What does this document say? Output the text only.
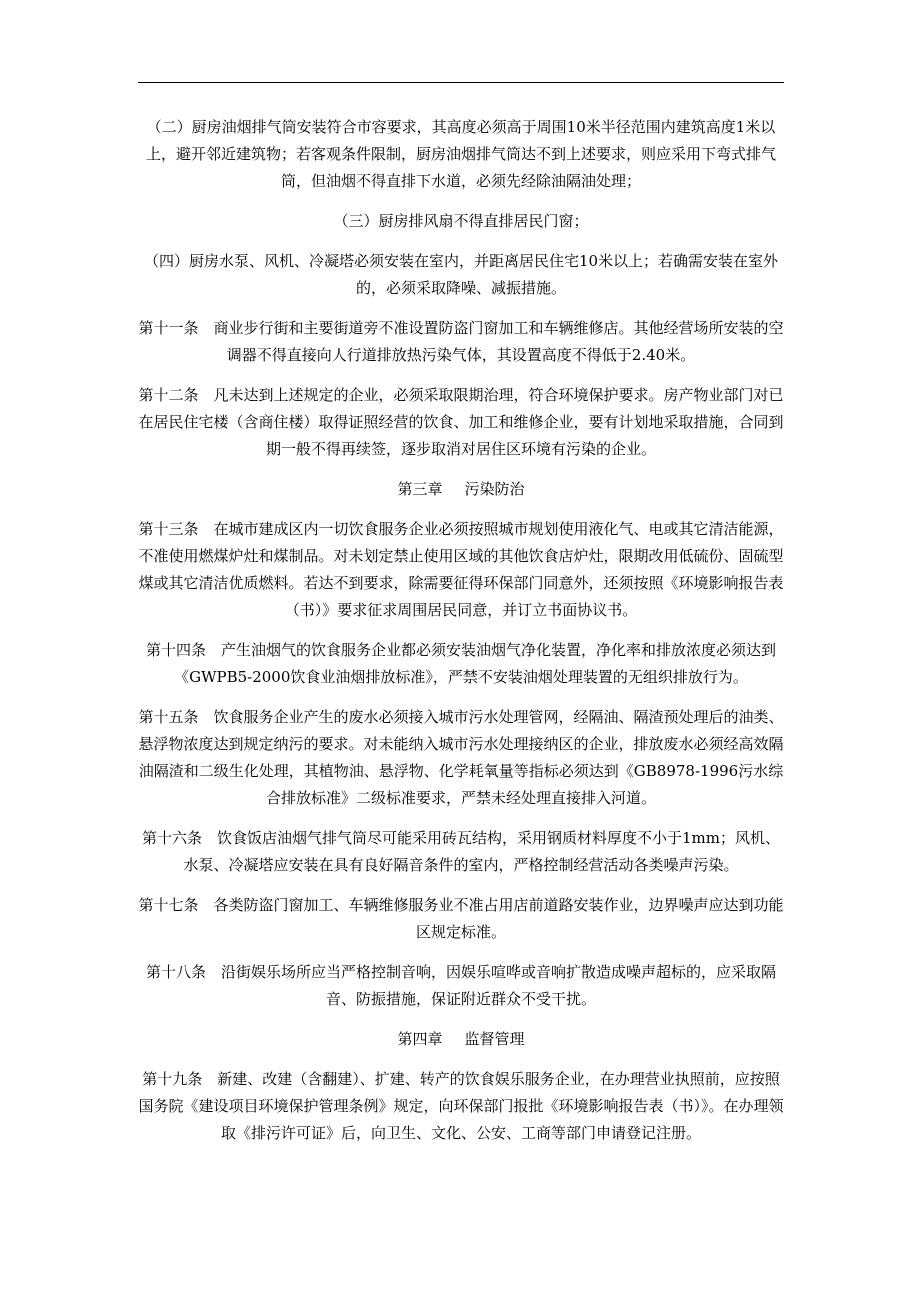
（二）厨房油烟排气筒安装符合市容要求，其高度必须高于周围10米半径范围内建筑高度1米以上，避开邻近建筑物；若客观条件限制，厨房油烟排气筒达不到上述要求，则应采用下弯式排气筒，但油烟不得直排下水道，必须先经除油隔油处理；

（三）厨房排风扇不得直排居民门窗；

（四）厨房水泵、风机、冷凝塔必须安装在室内，并距离居民住宅10米以上；若确需安装在室外的，必须采取降噪、减振措施。

第十一条 商业步行街和主要街道旁不准设置防盗门窗加工和车辆维修店。其他经营场所安装的空调器不得直接向人行道排放热污染气体，其设置高度不得低于2.40米。

第十二条 凡未达到上述规定的企业，必须采取限期治理，符合环境保护要求。房产物业部门对已在居民住宅楼（含商住楼）取得证照经营的饮食、加工和维修企业，要有计划地采取措施，合同到期一般不得再续签，逐步取消对居住区环境有污染的企业。

第三章 污染防治

第十三条 在城市建成区内一切饮食服务企业必须按照城市规划使用液化气、电或其它清洁能源，不准使用燃煤炉灶和煤制品。对未划定禁止使用区域的其他饮食店炉灶，限期改用低硫份、固硫型煤或其它清洁优质燃料。若达不到要求，除需要征得环保部门同意外，还须按照《环境影响报告表（书）》要求征求周围居民同意，并订立书面协议书。

第十四条 产生油烟气的饮食服务企业都必须安装油烟气净化装置，净化率和排放浓度必须达到《GWPB5-2000饮食业油烟排放标准》，严禁不安装油烟处理装置的无组织排放行为。

第十五条 饮食服务企业产生的废水必须接入城市污水处理管网，经隔油、隔渣预处理后的油类、悬浮物浓度达到规定纳污的要求。对未能纳入城市污水处理接纳区的企业，排放废水必须经高效隔油隔渣和二级生化处理，其植物油、悬浮物、化学耗氧量等指标必须达到《GB8978-1996污水综合排放标准》二级标准要求，严禁未经处理直接排入河道。

第十六条 饮食饭店油烟气排气筒尽可能采用砖瓦结构，采用钢质材料厚度不小于1mm；风机、水泵、冷凝塔应安装在具有良好隔音条件的室内，严格控制经营活动各类噪声污染。

第十七条 各类防盗门窗加工、车辆维修服务业不准占用店前道路安装作业，边界噪声应达到功能区规定标准。

第十八条 沿街娱乐场所应当严格控制音响，因娱乐喧哗或音响扩散造成噪声超标的，应采取隔音、防振措施，保证附近群众不受干扰。

第四章 监督管理

第十九条 新建、改建（含翻建）、扩建、转产的饮食娱乐服务企业，在办理营业执照前，应按照国务院《建设项目环境保护管理条例》规定，向环保部门报批《环境影响报告表（书）》。在办理领取《排污许可证》后，向卫生、文化、公安、工商等部门申请登记注册。
